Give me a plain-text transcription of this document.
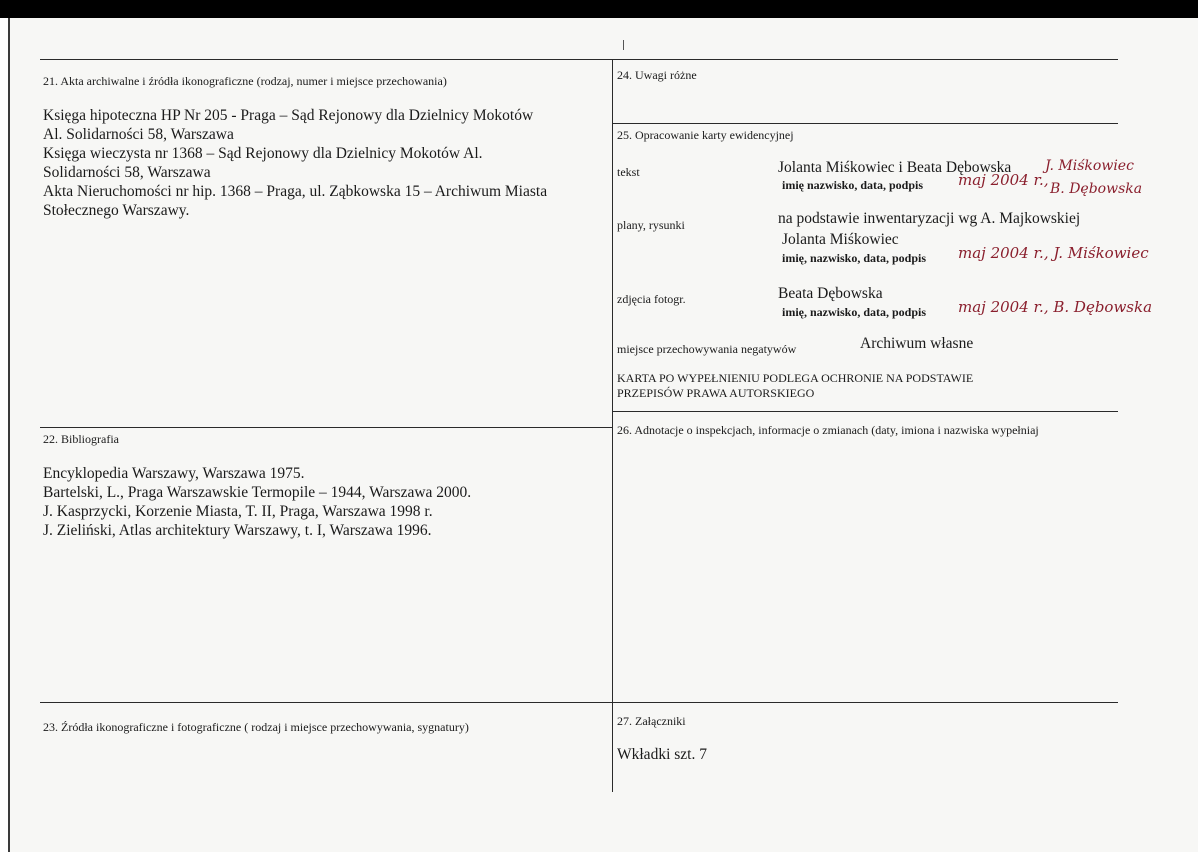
21. Akta archiwalne i źródła ikonograficzne (rodzaj, numer i miejsce przechowania)
Księga hipoteczna HP Nr 205 - Praga – Sąd Rejonowy dla Dzielnicy Mokotów
Al. Solidarności 58, Warszawa
Księga wieczysta nr 1368 – Sąd Rejonowy dla Dzielnicy Mokotów Al.
Solidarności 58, Warszawa
Akta Nieruchomości nr hip. 1368 – Praga, ul. Ząbkowska 15 – Archiwum Miasta
Stołecznego Warszawy.
22. Bibliografia
Encyklopedia Warszawy, Warszawa 1975.
Bartelski, L., Praga Warszawskie Termopile – 1944, Warszawa 2000.
J. Kasprzycki, Korzenie Miasta, T. II, Praga, Warszawa 1998 r.
J. Zieliński, Atlas architektury Warszawy, t. I, Warszawa 1996.
23. Źródła ikonograficzne i fotograficzne ( rodzaj i miejsce przechowywania, sygnatury)
24. Uwagi różne
25. Opracowanie karty ewidencyjnej
tekst	Jolanta Miśkowiec i Beata Dębowska
imię nazwisko, data, podpis maj 2004 r.,
J. Miśkowiec
B. Dębowska
plany, rysunki	na podstawie inwentaryzacji wg A. Majkowskiej
Jolanta Miśkowiec
imię, nazwisko, data, podpis maj 2004 r., J. Miśkowiec
zdjęcia fotogr.	Beata Dębowska
imię, nazwisko, data, podpis maj 2004 r., B. Dębowska
miejsce przechowywania negatywów	Archiwum własne
KARTA PO WYPEŁNIENIU PODLEGA OCHRONIE NA PODSTAWIE
PRZEPISÓW PRAWA AUTORSKIEGO
26. Adnotacje o inspekcjach, informacje o zmianach (daty, imiona i nazwiska wypełniaj
27. Załączniki
Wkładki szt. 7
